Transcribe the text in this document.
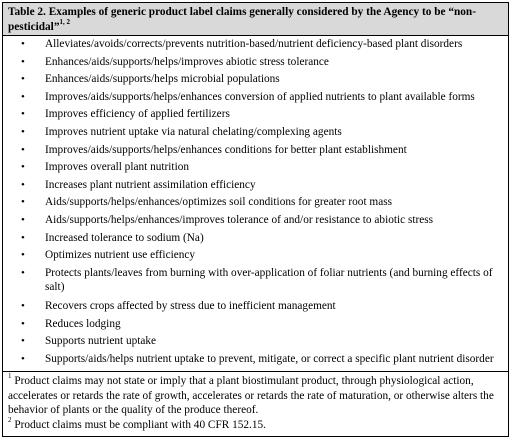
Table 2. Examples of generic product label claims generally considered by the Agency to be “non-pesticidal”$^{1, 2}$
• Alleviates/avoids/corrects/prevents nutrition-based/nutrient deficiency-based plant disorders
• Enhances/aids/supports/helps/improves abiotic stress tolerance
• Enhances/aids/supports/helps microbial populations
• Improves/aids/supports/helps/enhances conversion of applied nutrients to plant available forms
• Improves efficiency of applied fertilizers
• Improves nutrient uptake via natural chelating/complexing agents
• Improves/aids/supports/helps/enhances conditions for better plant establishment
• Improves overall plant nutrition
• Increases plant nutrient assimilation efficiency
• Aids/supports/helps/enhances/optimizes soil conditions for greater root mass
• Aids/supports/helps/enhances/improves tolerance of and/or resistance to abiotic stress
• Increased tolerance to sodium (Na)
• Optimizes nutrient use efficiency
• Protects plants/leaves from burning with over-application of foliar nutrients (and burning effects of salt)
• Recovers crops affected by stress due to inefficient management
• Reduces lodging
• Supports nutrient uptake
• Supports/aids/helps nutrient uptake to prevent, mitigate, or correct a specific plant nutrient disorder
$^1$ Product claims may not state or imply that a plant biostimulant product, through physiological action, accelerates or retards the rate of growth, accelerates or retards the rate of maturation, or otherwise alters the behavior of plants or the quality of the produce thereof.
$^2$ Product claims must be compliant with 40 CFR 152.15.
